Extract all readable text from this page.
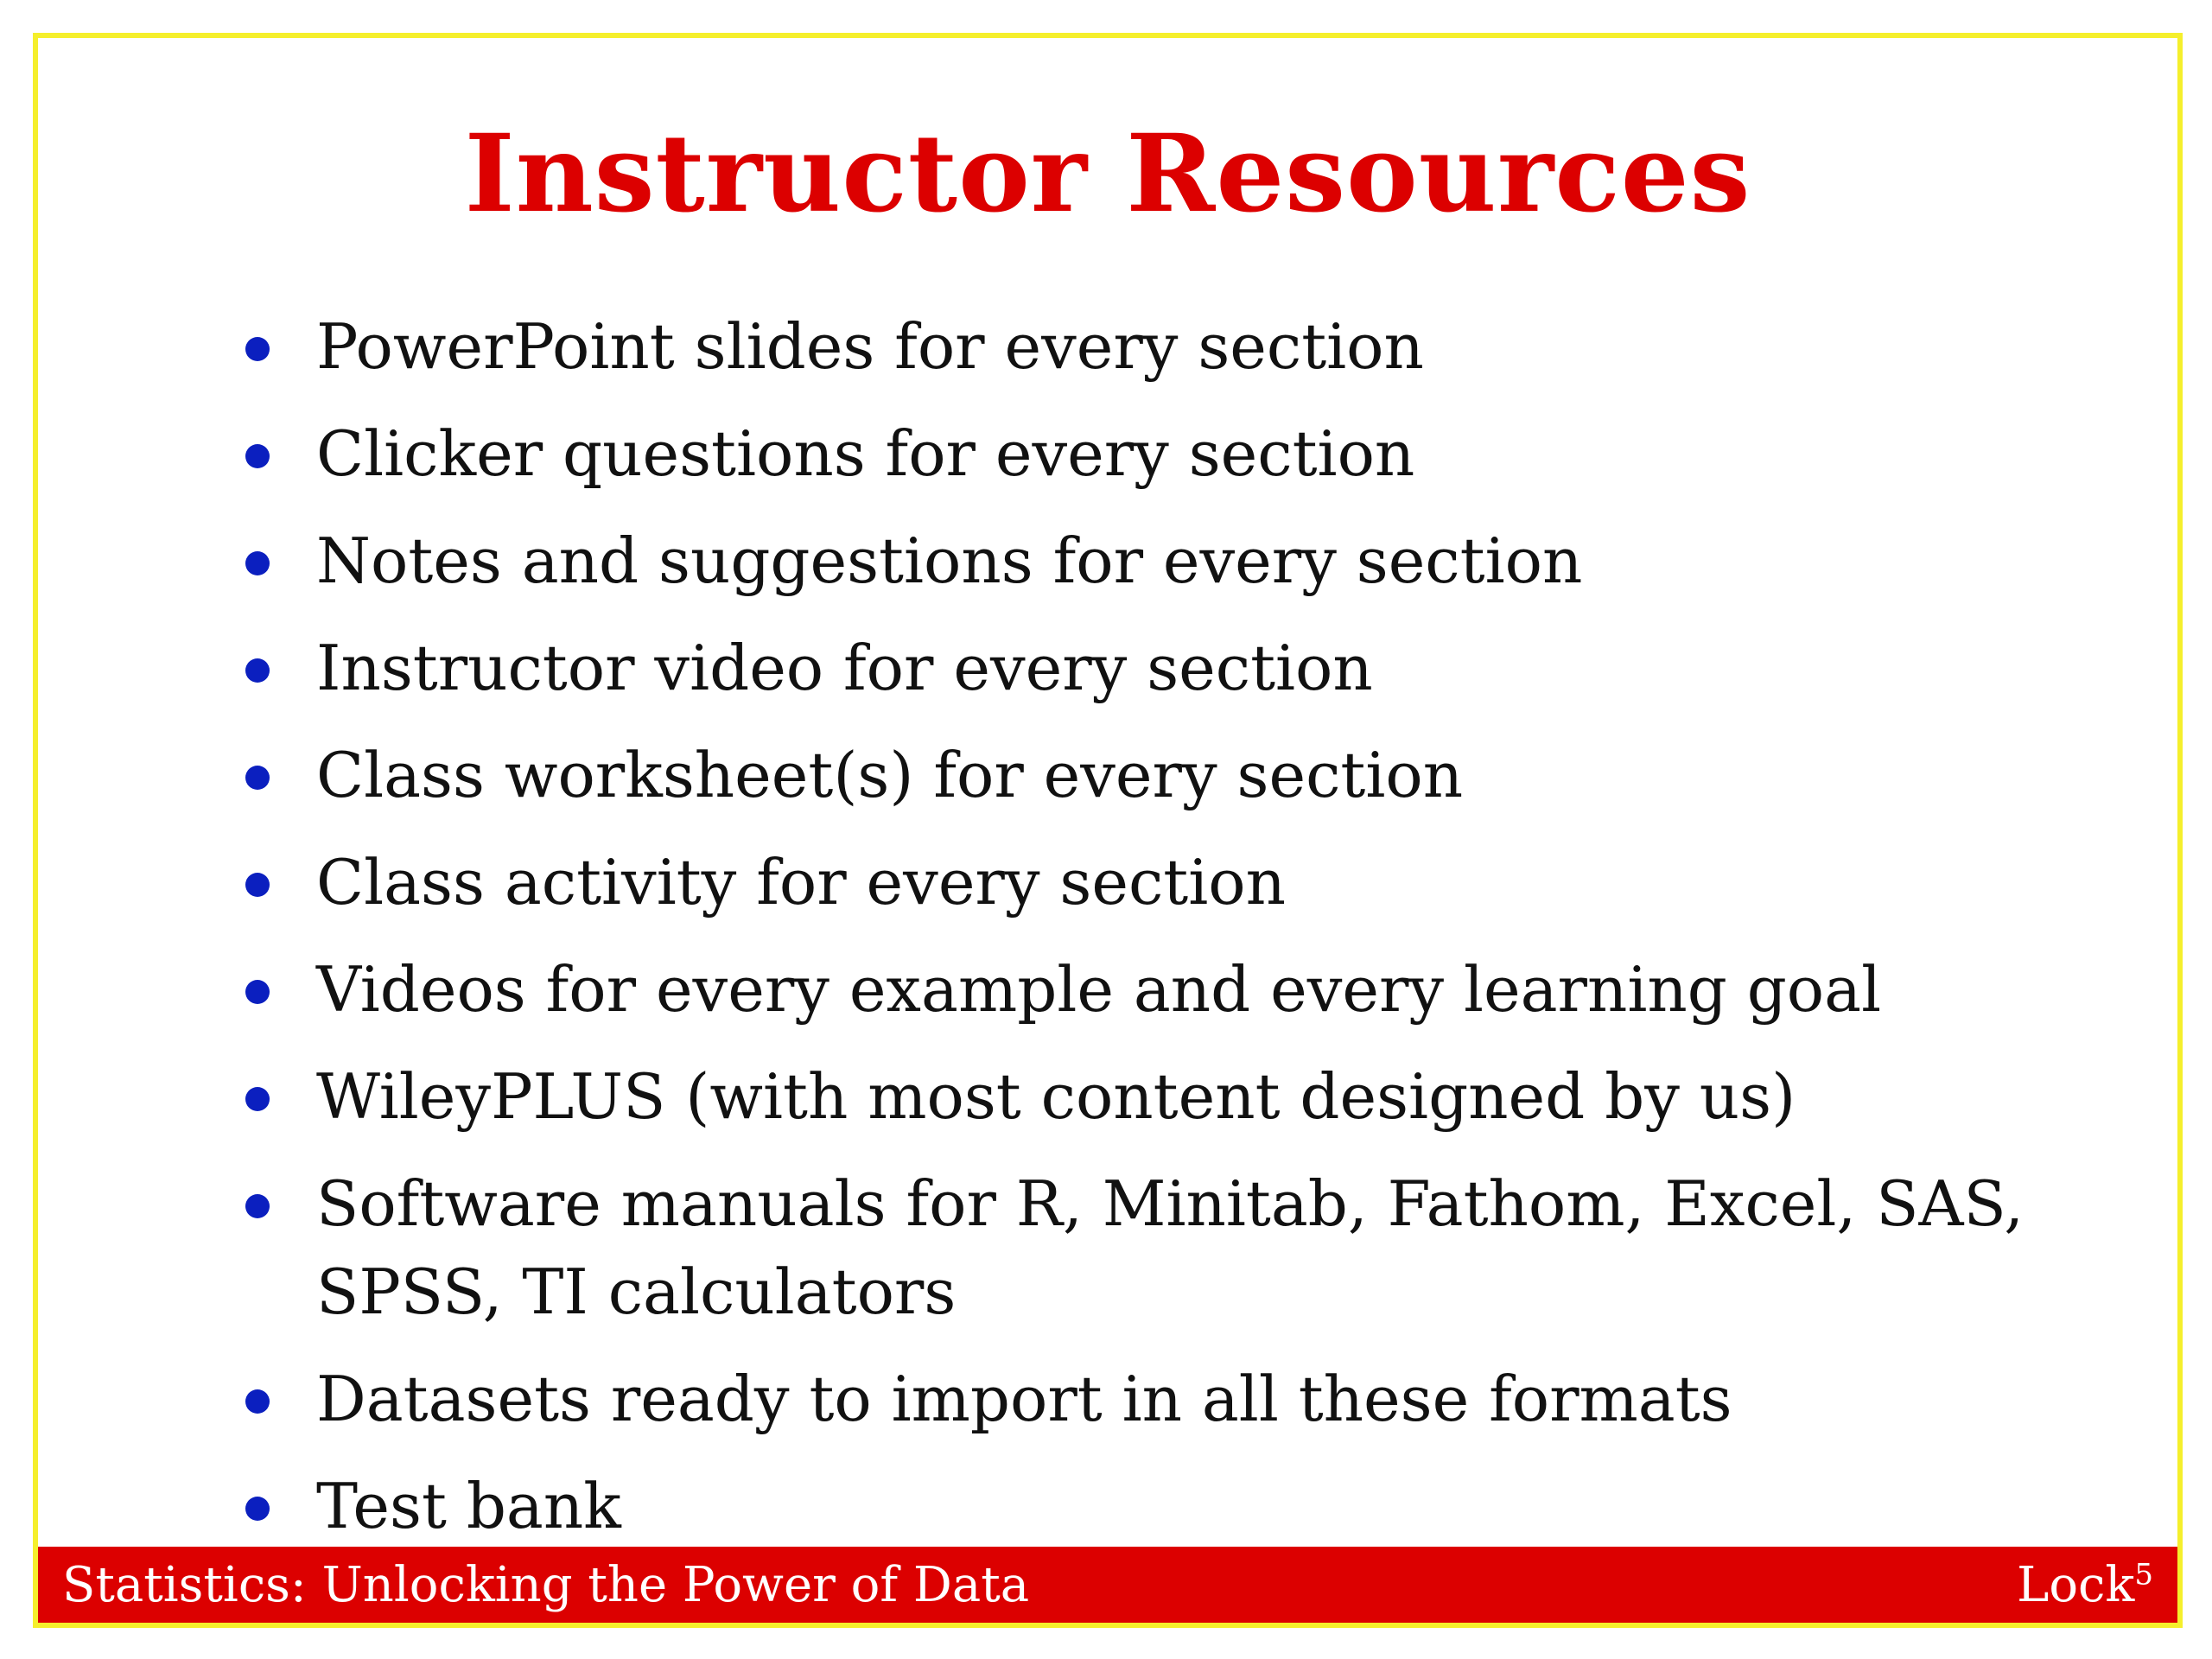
Instructor Resources
PowerPoint slides for every section
Clicker questions for every section
Notes and suggestions for every section
Instructor video for every section
Class worksheet(s) for every section
Class activity for every section
Videos for every example and every learning goal
WileyPLUS (with most content designed by us)
Software manuals for R, Minitab, Fathom, Excel, SAS, SPSS, TI calculators
Datasets ready to import in all these formats
Test bank
Statistics: Unlocking the Power of Data	Lock$^5$
